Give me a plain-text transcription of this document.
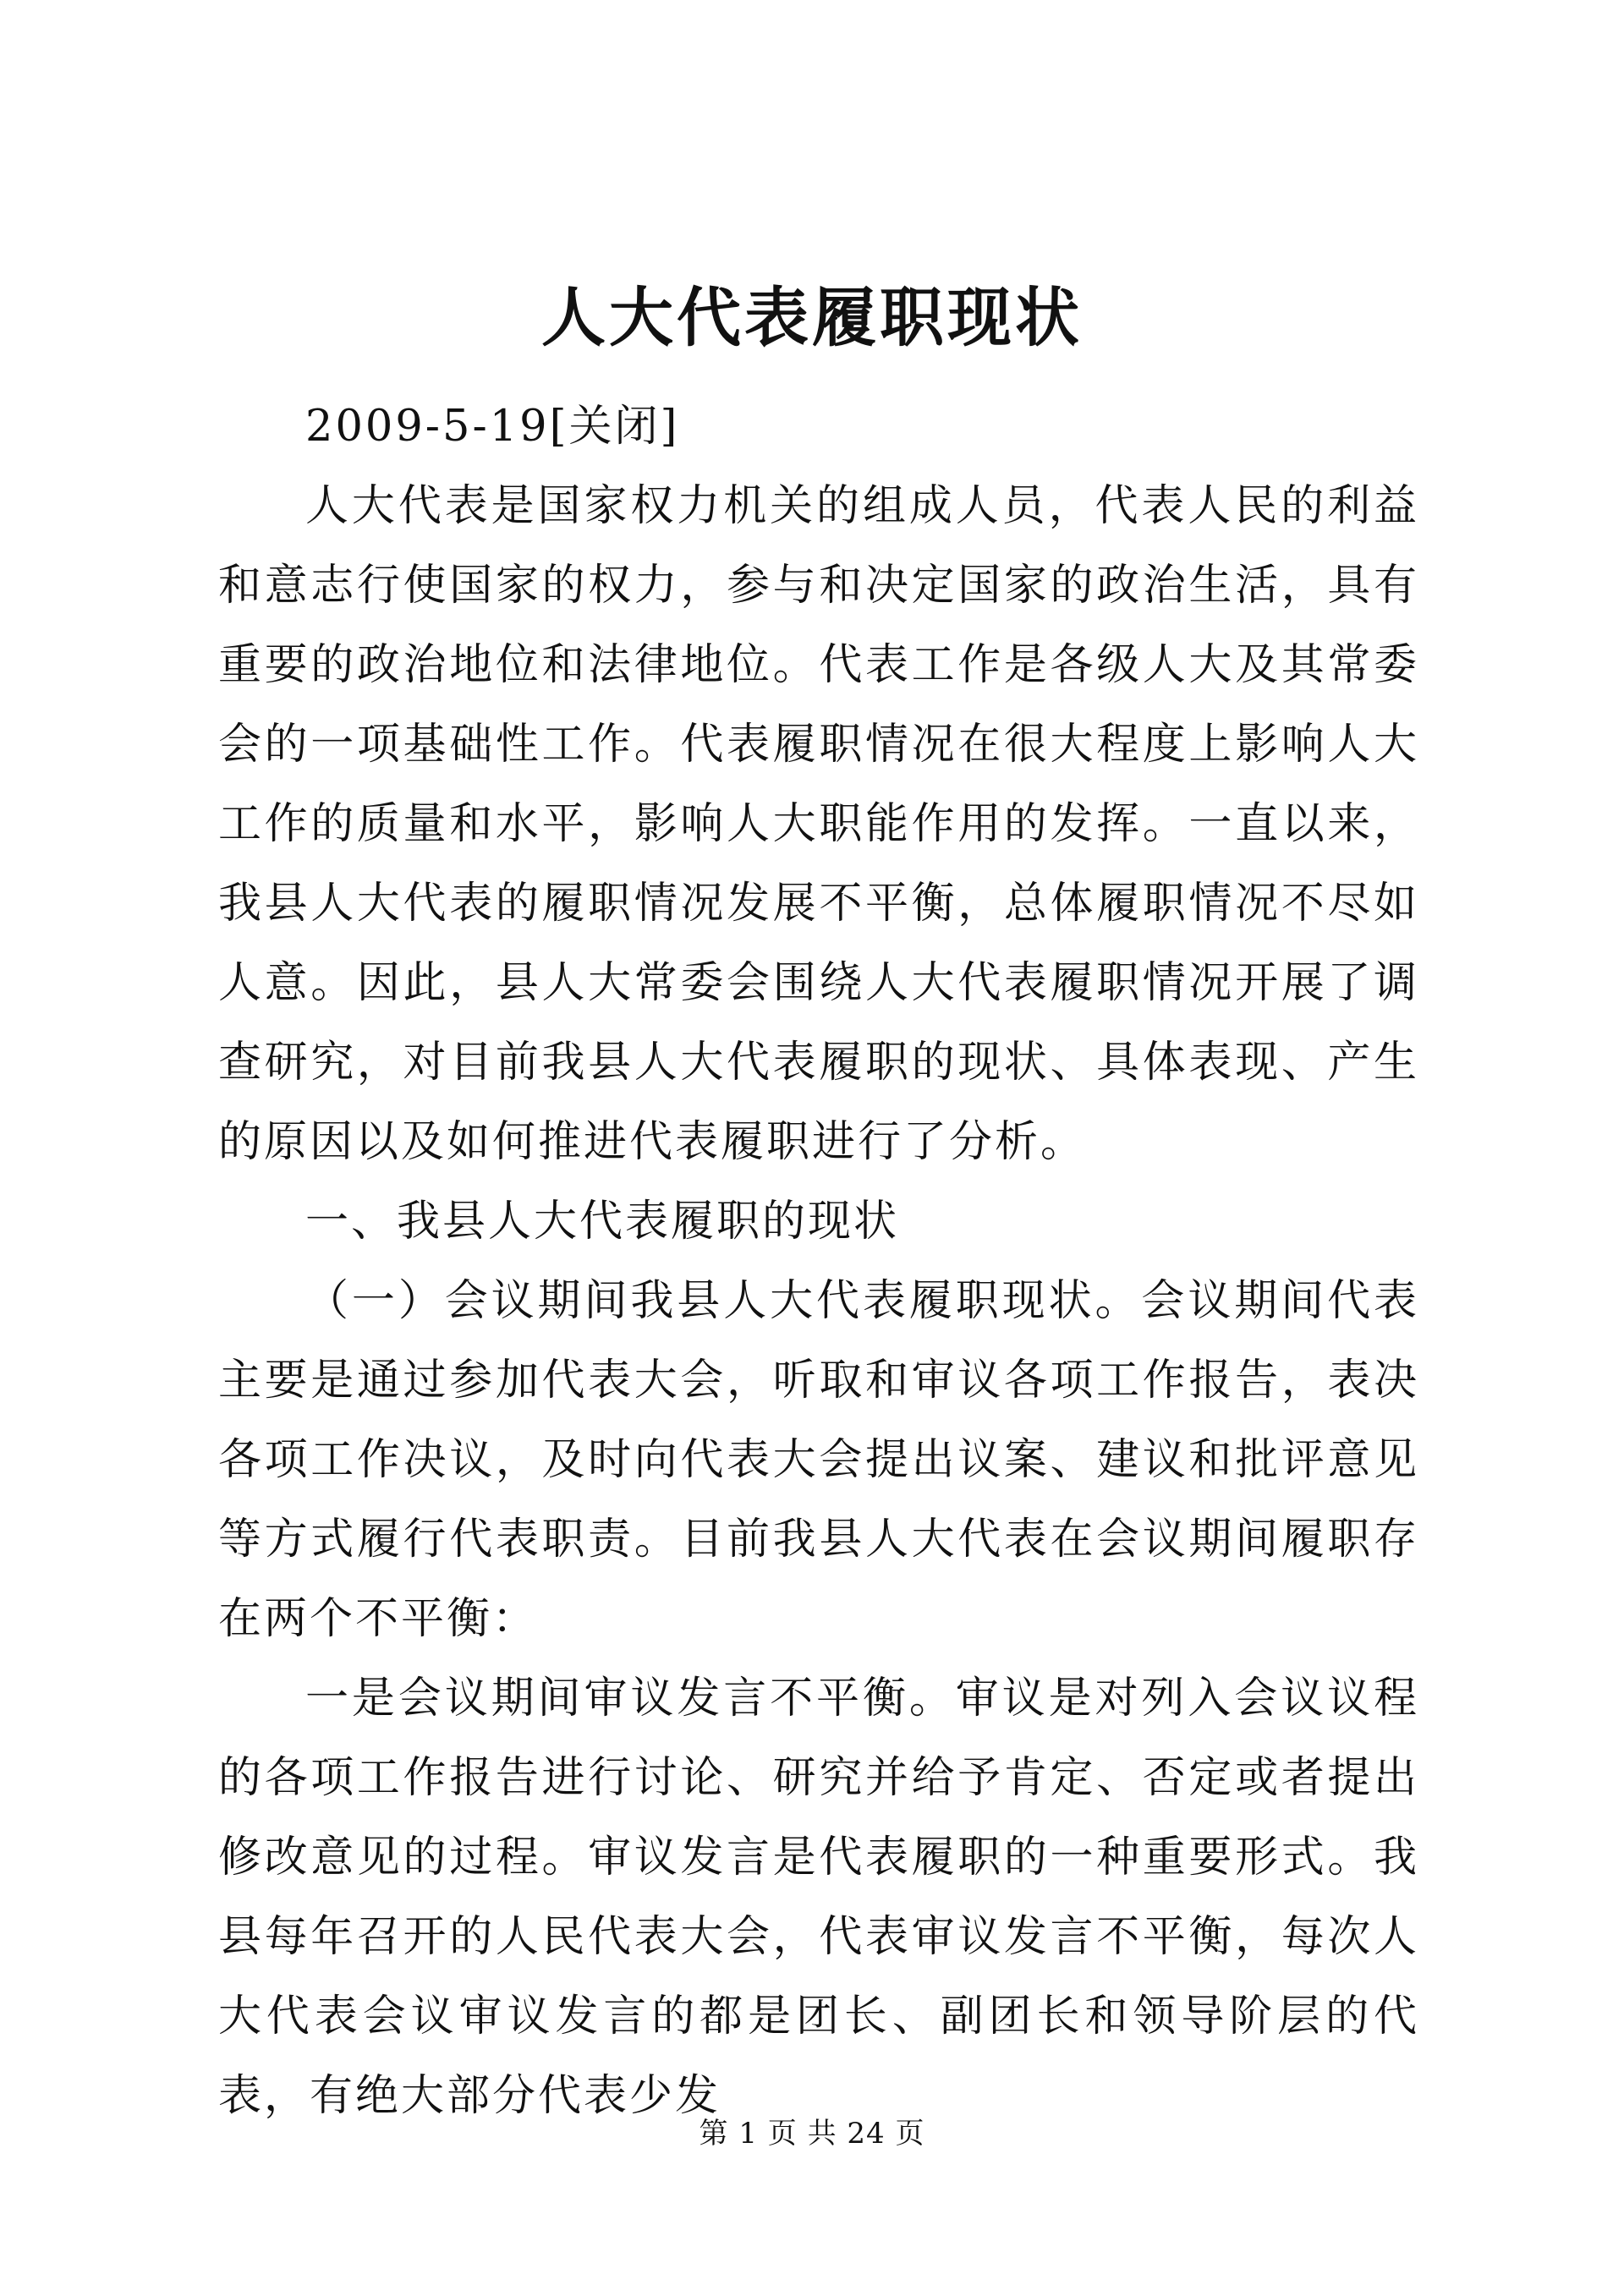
人大代表履职现状

2009-5-19[关闭]

人大代表是国家权力机关的组成人员，代表人民的利益和意志行使国家的权力，参与和决定国家的政治生活，具有重要的政治地位和法律地位。代表工作是各级人大及其常委会的一项基础性工作。代表履职情况在很大程度上影响人大工作的质量和水平，影响人大职能作用的发挥。一直以来，我县人大代表的履职情况发展不平衡，总体履职情况不尽如人意。因此，县人大常委会围绕人大代表履职情况开展了调查研究，对目前我县人大代表履职的现状、具体表现、产生的原因以及如何推进代表履职进行了分析。

一、我县人大代表履职的现状

（一）会议期间我县人大代表履职现状。会议期间代表主要是通过参加代表大会，听取和审议各项工作报告，表决各项工作决议，及时向代表大会提出议案、建议和批评意见等方式履行代表职责。目前我县人大代表在会议期间履职存在两个不平衡：

一是会议期间审议发言不平衡。审议是对列入会议议程的各项工作报告进行讨论、研究并给予肯定、否定或者提出修改意见的过程。审议发言是代表履职的一种重要形式。我县每年召开的人民代表大会，代表审议发言不平衡，每次人大代表会议审议发言的都是团长、副团长和领导阶层的代表，有绝大部分代表少发

第 1 页 共 24 页
